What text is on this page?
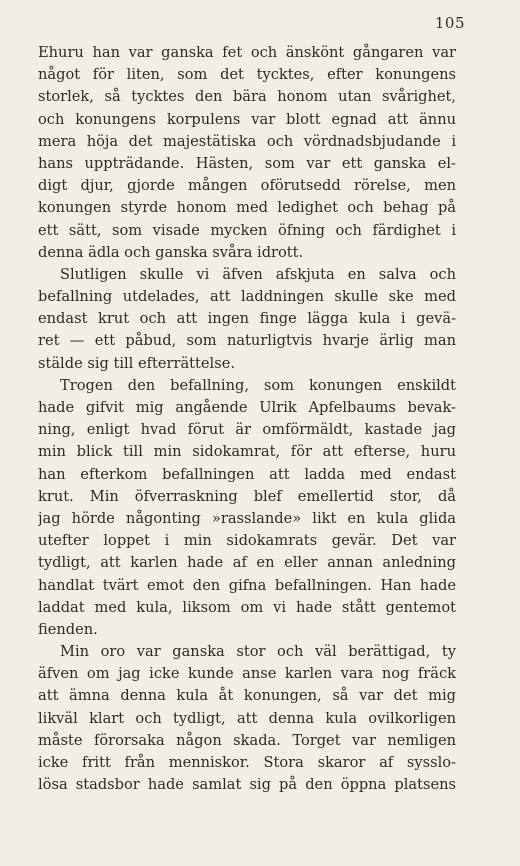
105
Ehuru han var ganska fet och änskönt gångaren var
något för liten, som det tycktes, efter konungens
storlek, så tycktes den bära honom utan svårighet,
och konungens korpulens var blott egnad att ännu
mera höja det majestätiska och vördnadsbjudande i
hans uppträdande. Hästen, som var ett ganska el-
digt djur, gjorde mången oförutsedd rörelse, men
konungen styrde honom med ledighet och behag på
ett sätt, som visade mycken öfning och färdighet i
denna ädla och ganska svåra idrott.
Slutligen skulle vi äfven afskjuta en salva och
befallning utdelades, att laddningen skulle ske med
endast krut och att ingen finge lägga kula i gevä-
ret — ett påbud, som naturligtvis hvarje ärlig man
stälde sig till efterrättelse.
Trogen den befallning, som konungen enskildt
hade gifvit mig angående Ulrik Apfelbaums bevak-
ning, enligt hvad förut är omförmäldt, kastade jag
min blick till min sidokamrat, för att efterse, huru
han efterkom befallningen att ladda med endast
krut. Min öfverraskning blef emellertid stor, då
jag hörde någonting »rasslande» likt en kula glida
utefter loppet i min sidokamrats gevär. Det var
tydligt, att karlen hade af en eller annan anledning
handlat tvärt emot den gifna befallningen. Han hade
laddat med kula, liksom om vi hade stått gentemot
fienden.
Min oro var ganska stor och väl berättigad, ty
äfven om jag icke kunde anse karlen vara nog fräck
att ämna denna kula åt konungen, så var det mig
likväl klart och tydligt, att denna kula ovilkorligen
måste förorsaka någon skada. Torget var nemligen
icke fritt från menniskor. Stora skaror af sysslo-
lösa stadsbor hade samlat sig på den öppna platsens
